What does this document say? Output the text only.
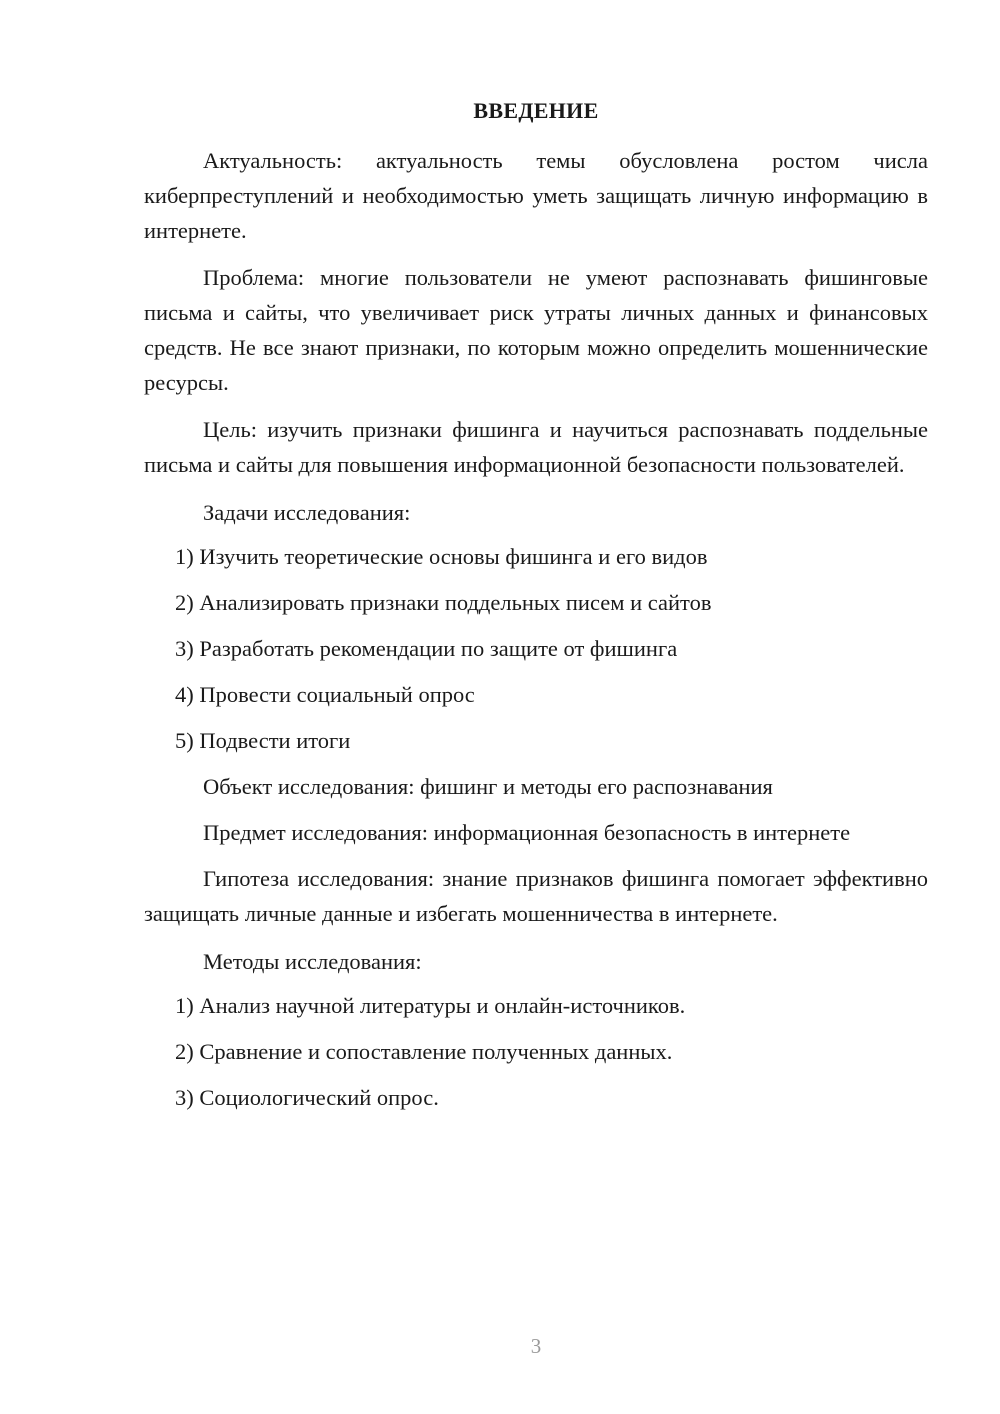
ВВЕДЕНИЕ

Актуальность: актуальность темы обусловлена ростом числа киберпреступлений и необходимостью уметь защищать личную информацию в интернете.

Проблема: многие пользователи не умеют распознавать фишинговые письма и сайты, что увеличивает риск утраты личных данных и финансовых средств. Не все знают признаки, по которым можно определить мошеннические ресурсы.

Цель: изучить признаки фишинга и научиться распознавать поддельные письма и сайты для повышения информационной безопасности пользователей.

Задачи исследования:

1) Изучить теоретические основы фишинга и его видов

2) Анализировать признаки поддельных писем и сайтов

3) Разработать рекомендации по защите от фишинга

4) Провести социальный опрос

5) Подвести итоги

Объект исследования: фишинг и методы его распознавания

Предмет исследования: информационная безопасность в интернете

Гипотеза исследования: знание признаков фишинга помогает эффективно защищать личные данные и избегать мошенничества в интернете.

Методы исследования:

1) Анализ научной литературы и онлайн-источников.

2) Сравнение и сопоставление полученных данных.

3) Социологический опрос.

3
